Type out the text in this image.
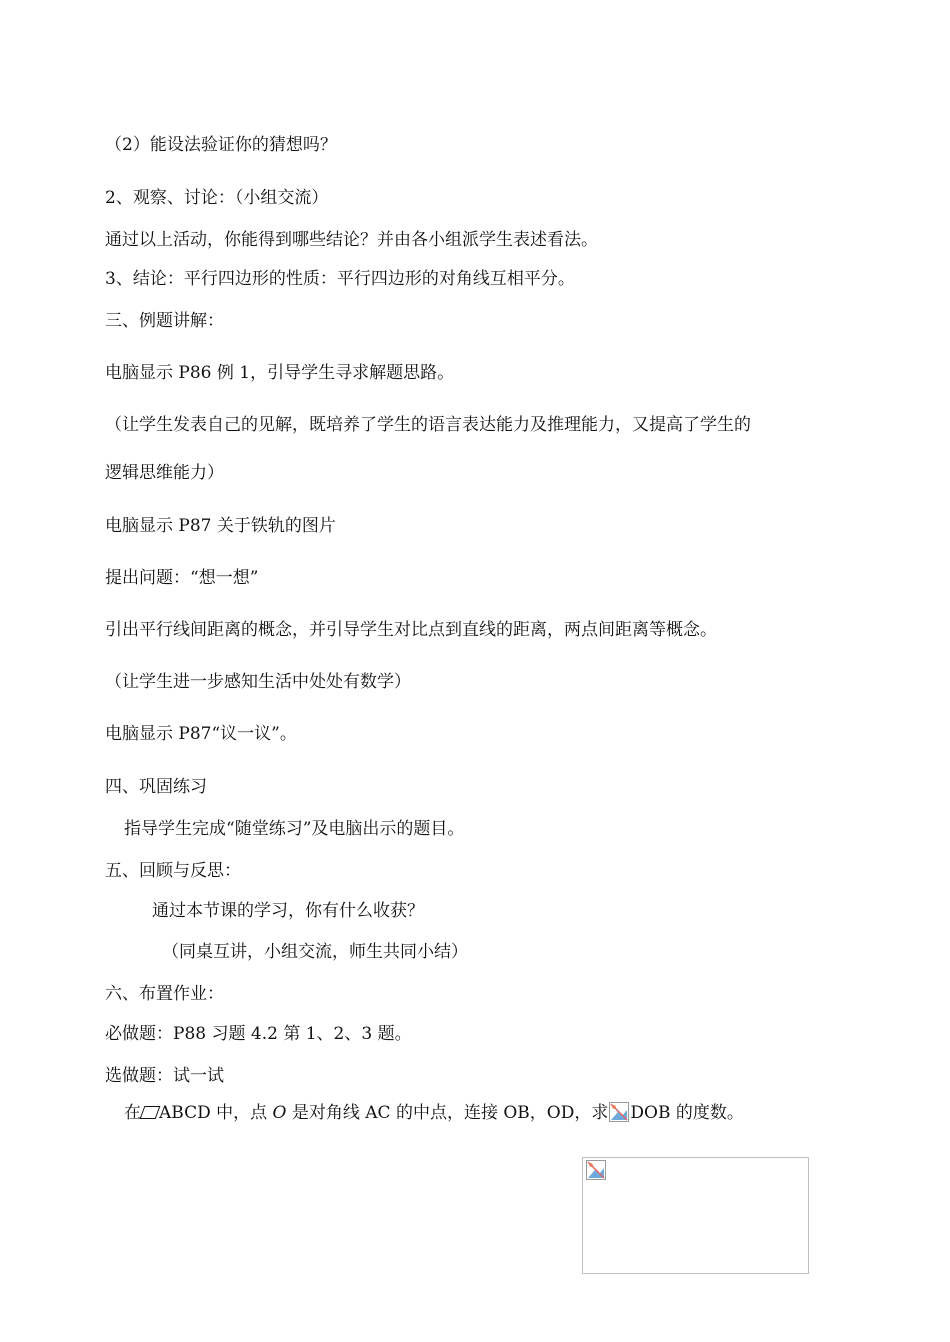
（2）能设法验证你的猜想吗？
2、观察、讨论：（小组交流）
通过以上活动，你能得到哪些结论？并由各小组派学生表述看法。
3、结论：平行四边形的性质：平行四边形的对角线互相平分。
三、例题讲解：
电脑显示 P86 例 1，引导学生寻求解题思路。
（让学生发表自己的见解，既培养了学生的语言表达能力及推理能力，又提高了学生的
逻辑思维能力）
电脑显示 P87 关于铁轨的图片
提出问题：“想一想”
引出平行线间距离的概念，并引导学生对比点到直线的距离，两点间距离等概念。
（让学生进一步感知生活中处处有数学）
电脑显示 P87“议一议”。
四、巩固练习
指导学生完成“随堂练习”及电脑出示的题目。
五、回顾与反思：
通过本节课的学习，你有什么收获？
（同桌互讲，小组交流，师生共同小结）
六、布置作业：
必做题：P88 习题 4.2 第 1、2、3 题。
选做题：试一试
在 ABCD 中，点 O 是对角线 AC 的中点，连接 OB，OD，求 DOB 的度数。
